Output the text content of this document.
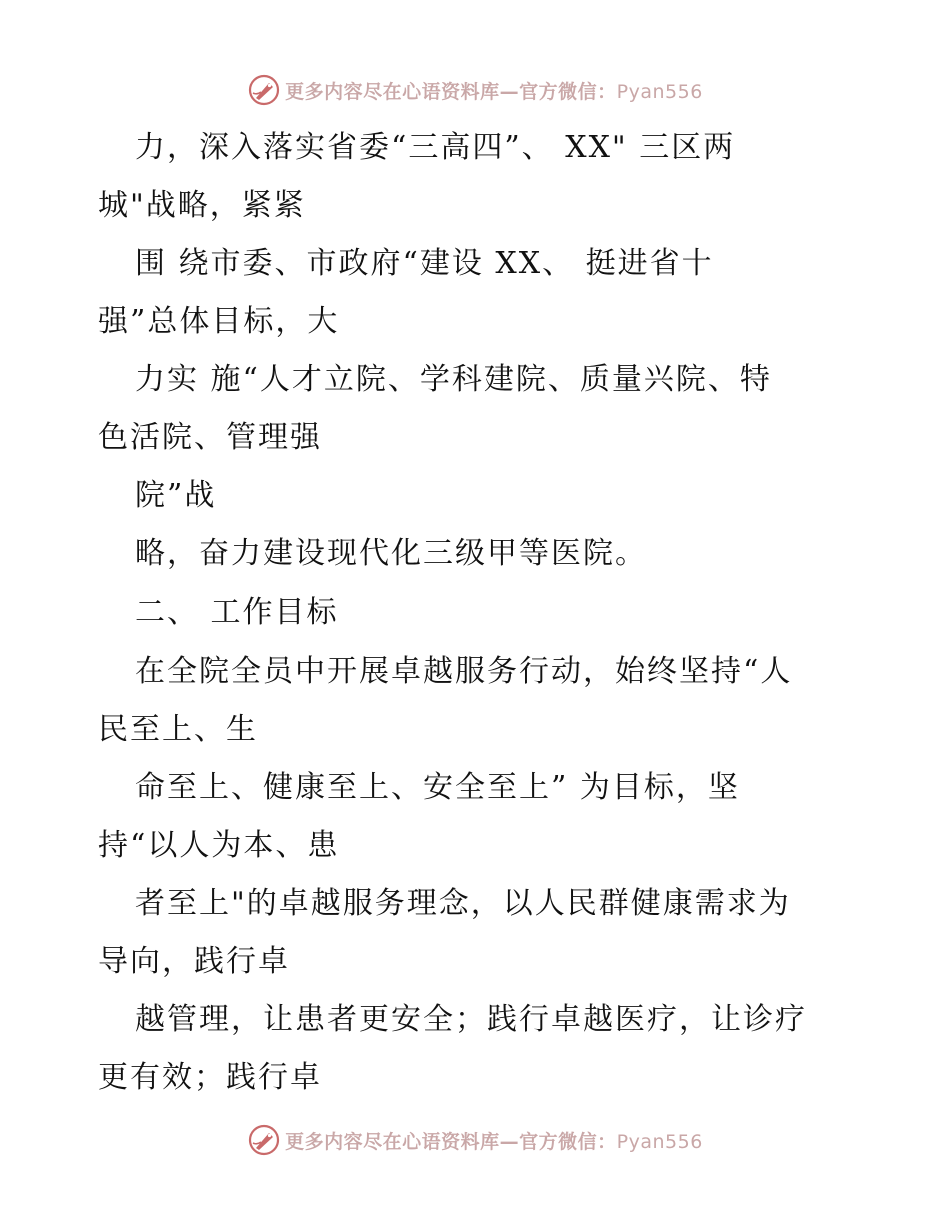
更多内容尽在心语资料库—官方微信：Pyan556
力，深入落实省委“三高四”、 XX" 三区两
城"战略，紧紧
围 绕市委、市政府“建设 XX、 挺进省十
强”总体目标，大
力实 施“人才立院、学科建院、质量兴院、特
色活院、管理强
院”战
略，奋力建设现代化三级甲等医院。
二、 工作目标
在全院全员中开展卓越服务行动，始终坚持“人
民至上、生
命至上、健康至上、安全至上” 为目标，坚
持“以人为本、患
者至上"的卓越服务理念，以人民群健康需求为
导向，践行卓
越管理，让患者更安全；践行卓越医疗，让诊疗
更有效；践行卓
更多内容尽在心语资料库—官方微信：Pyan556
